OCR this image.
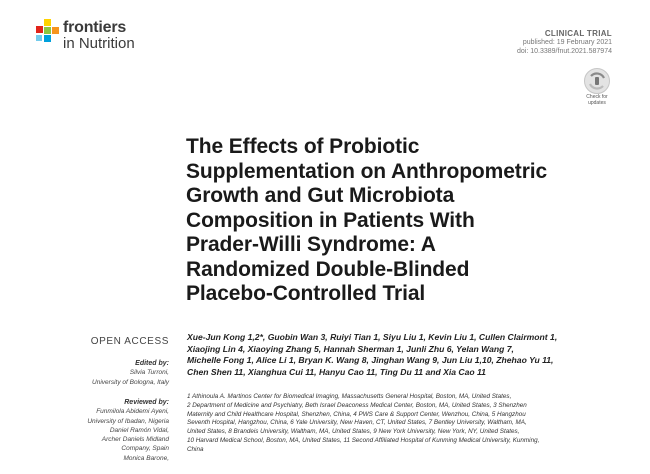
frontiers
in Nutrition
CLINICAL TRIAL
published: 19 February 2021
doi: 10.3389/fnut.2021.587974
Check for
updates
The Effects of Probiotic
Supplementation on Anthropometric
Growth and Gut Microbiota
Composition in Patients With
Prader-Willi Syndrome: A
Randomized Double-Blinded
Placebo-Controlled Trial
OPEN ACCESS
Edited by:
Silvia Turroni,
University of Bologna, Italy
Reviewed by:
Funmilola Abidemi Ayeni,
University of Ibadan, Nigeria
Daniel Ramón Vidal,
Archer Daniels Midland
Company, Spain
Monica Barone,
Xue-Jun Kong 1,2*, Guobin Wan 3, Ruiyi Tian 1, Siyu Liu 1, Kevin Liu 1, Cullen Clairmont 1,
Xiaojing Lin 4, Xiaoying Zhang 5, Hannah Sherman 1, Junli Zhu 6, Yelan Wang 7,
Michelle Fong 1, Alice Li 1, Bryan K. Wang 8, Jinghan Wang 9, Jun Liu 1,10, Zhehao Yu 11,
Chen Shen 11, Xianghua Cui 11, Hanyu Cao 11, Ting Du 11 and Xia Cao 11
1 Athinoula A. Martinos Center for Biomedical Imaging, Massachusetts General Hospital, Boston, MA, United States,
2 Department of Medicine and Psychiatry, Beth Israel Deaconess Medical Center, Boston, MA, United States, 3 Shenzhen
Maternity and Child Healthcare Hospital, Shenzhen, China, 4 PWS Care & Support Center, Wenzhou, China, 5 Hangzhou
Seventh Hospital, Hangzhou, China, 6 Yale University, New Haven, CT, United States, 7 Bentley University, Waltham, MA,
United States, 8 Brandeis University, Waltham, MA, United States, 9 New York University, New York, NY, United States,
10 Harvard Medical School, Boston, MA, United States, 11 Second Affiliated Hospital of Kunming Medical University, Kunming,
China
